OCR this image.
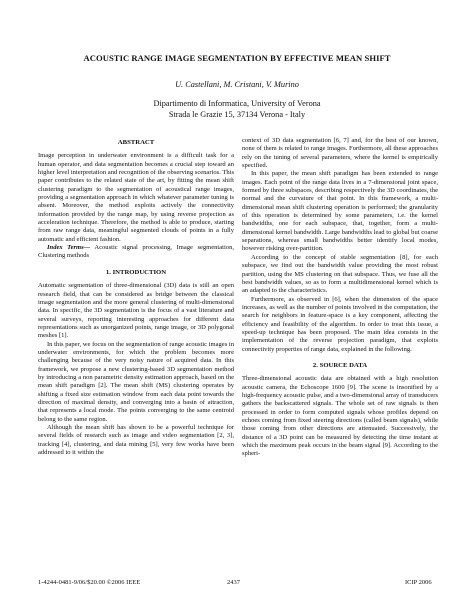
ACOUSTIC RANGE IMAGE SEGMENTATION BY EFFECTIVE MEAN SHIFT
U. Castellani, M. Cristani, V. Murino
Dipartimento di Informatica, University of Verona
Strada le Grazie 15, 37134 Verona - Italy
ABSTRACT

Image perception in underwater environment is a difficult task for a human operator, and data segmentation becomes a crucial step toward an higher level interpretation and recognition of the observing scenarios. This paper contributes to the related state of the art, by fitting the mean shift clustering paradigm to the segmentation of acoustical range images, providing a segmentation approach in which whatever parameter tuning is absent. Moreover, the method exploits actively the connectivity information provided by the range map, by using reverse projection as acceleration technique. Therefore, the method is able to produce, starting from raw range data, meaningful segmented clouds of points in a fully automatic and efficient fashion.

Index Terms— Acoustic signal processing, Image segmentation, Clustering methods

1. INTRODUCTION

Automatic segmentation of three-dimensional (3D) data is still an open research field, that can be considered as bridge between the classical image segmentation and the more general clustering of multi-dimensional data. In specific, the 3D segmentation is the focus of a vast literature and several surveys, reporting interesting approaches for different data representations such as unorganized points, range image, or 3D polygonal meshes [1].

In this paper, we focus on the segmentation of range acoustic images in underwater environments, for which the problem becomes more challenging because of the very noisy nature of acquired data. In this framework, we propose a new clustering-based 3D segmentation method by introducing a non parametric density estimation approach, based on the mean shift paradigm [2]. The mean shift (MS) clustering operates by shifting a fixed size estimation window from each data point towards the direction of maximal density, and converging into a basin of attraction, that represents a local mode. The points converging to the same centroid belong to the same region.

Although the mean shift has shown to be a powerful technique for several fields of research such as image and video segmentation [2, 3], tracking [4], clustering, and data mining [5], very few works have been addressed to it within the

context of 3D data segmentation [6, 7] and, for the best of our known, none of them is related to range images. Furthermore, all these approaches rely on the tuning of several parameters, where the kernel is empirically specified.

In this paper, the mean shift paradigm has been extended to range images. Each point of the range data lives in a 7-dimensional joint space, formed by three subspaces, describing respectively the 3D coordinates, the normal and the curvature of that point. In this framework, a multi-dimensional mean shift clustering operation is performed; the granularity of this operation is determined by some parameters, i.e. the kernel bandwidths, one for each subspace, that, together, form a multi-dimensional kernel bandwidth. Large bandwidths lead to global but coarse separations, whereas small bandwidths better identify local modes, however risking over-partition.

According to the concept of stable segmentation [8], for each subspace, we find out the bandwidth value providing the most robust partition, using the MS clustering on that subspace. Thus, we fuse all the best bandwidth values, so as to form a multidimensional kernel which is an adapted to the characteristics.

Furthermore, as observed in [6], when the dimension of the space increases, as well as the number of points involved in the computation, the search for neighbors in feature-space is a key component, affecting the efficiency and feasibility of the algorithm. In order to treat this issue, a speed-up technique has been proposed. The main idea consists in the implementation of the reverse projection paradigm, that exploits connectivity properties of range data, explained in the following.

2. SOURCE DATA

Three-dimensional acoustic data are obtained with a high resolution acoustic camera, the Echoscope 1600 [9]. The scene is insonified by a high-frequency acoustic pulse, and a two-dimensional array of transducers gathers the backscattered signals. The whole set of raw signals is then processed in order to form computed signals whose profiles depend on echoes coming from fixed steering directions (called beam signals), while those coming from other directions are attenuated. Successively, the distance of a 3D point can be measured by detecting the time instant at which the maximum peak occurs in the beam signal [9]. According to the spheri-

1-4244-0481-9/06/$20.00 ©2006 IEEE	2437	ICIP 2006
